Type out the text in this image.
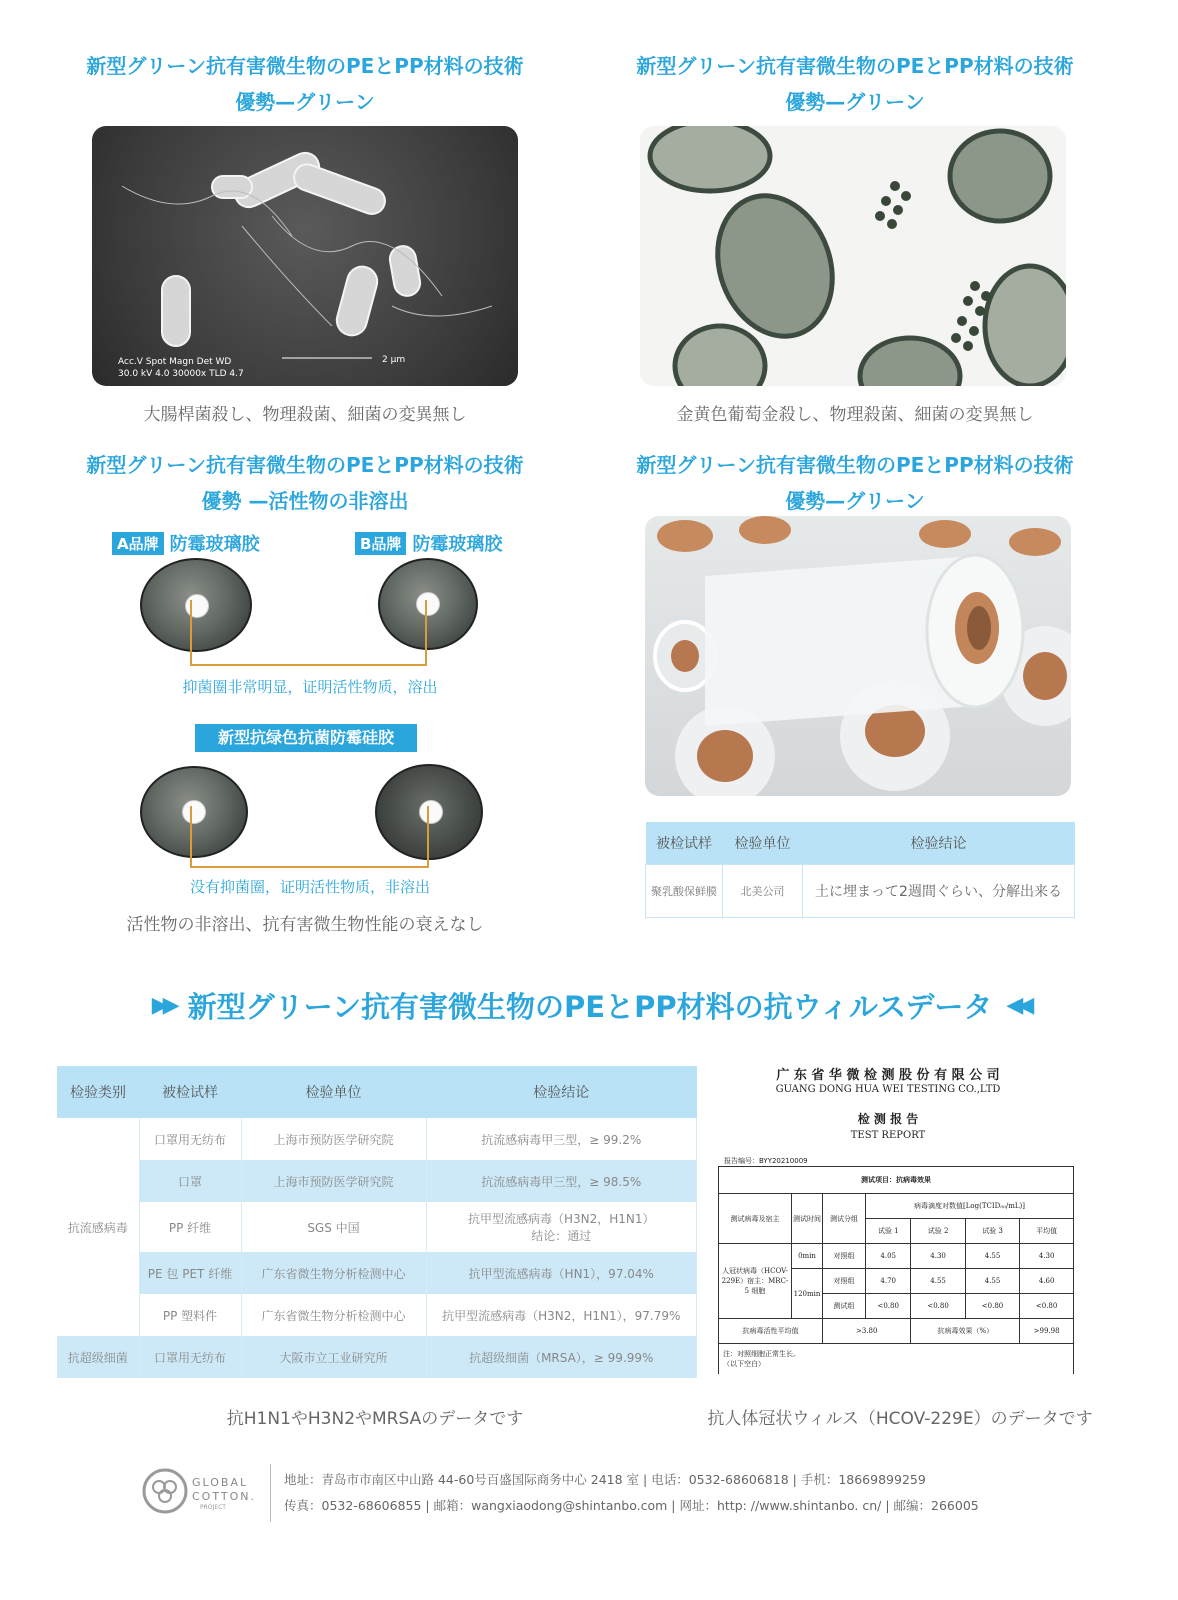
新型グリーン抗有害微生物のPEとPP材料の技術
優勢—グリーン
Acc.V Spot Magn Det WD
30.0 kV 4.0 30000x TLD 4.7
2 μm
大腸桿菌殺し、物理殺菌、細菌の変異無し
新型グリーン抗有害微生物のPEとPP材料の技術
優勢—グリーン
金黄色葡萄金殺し、物理殺菌、細菌の変異無し
新型グリーン抗有害微生物のPEとPP材料の技術
優勢 —活性物の非溶出
A品牌 防霉玻璃胶	B品牌 防霉玻璃胶
抑菌圈非常明显，证明活性物质，溶出
新型抗绿色抗菌防霉硅胶
没有抑菌圈，证明活性物质，非溶出
活性物の非溶出、抗有害微生物性能の衰えなし
新型グリーン抗有害微生物のPEとPP材料の技術
優勢—グリーン
被检试样	检验单位	检验结论
聚乳酸保鲜膜	北美公司	土に埋まって2週間ぐらい、分解出来る
▶▶ 新型グリーン抗有害微生物のPEとPP材料の抗ウィルスデータ ◀◀
检验类别	被检试样	检验单位	检验结论
抗流感病毒	口罩用无纺布	上海市预防医学研究院	抗流感病毒甲三型，≥ 99.2%
	口罩	上海市预防医学研究院	抗流感病毒甲三型，≥ 98.5%
	PP 纤维	SGS 中国	抗甲型流感病毒（H3N2，H1N1）
结论：通过

	PE 包 PET 纤维	广东省微生物分析检测中心	抗甲型流感病毒（HN1），97.04%
	PP 塑料件	广东省微生物分析检测中心	抗甲型流感病毒（H3N2，H1N1），97.79%
抗超级细菌	口罩用无纺布	大阪市立工业研究所	抗超级细菌（MRSA），≥ 99.99%
抗H1N1やH3N2やMRSAのデータです
广 东 省 华 微 检 测 股 份 有 限 公 司
GUANG DONG HUA WEI TESTING CO.,LTD
检 测 报 告
TEST REPORT
报告编号：BYY20210009
测试项目：抗病毒效果						
测试病毒及宿主	测试时间	测试分组	病毒滴度对数值[Log(TCID₅₀/mL)]			
			试验 1	试验 2	试验 3	平均值
人冠状病毒（HCOV-229E）宿主：MRC-5 细胞	0min	对照组	4.05	4.30	4.55	4.30
	120min	对照组	4.70	4.55	4.55	4.60
		测试组	<0.80	<0.80	<0.80	<0.80
抗病毒活性平均值		>3.80		抗病毒效果（%）		>99.98

注：对照细胞正常生长。
（以下空白）						
抗人体冠状ウィルス（HCOV-229E）のデータです
GLOBAL
COTTON.
PROJECT
地址：青岛市市南区中山路 44-60号百盛国际商务中心 2418 室 | 电话：0532-68606818 | 手机：18669899259
传真：0532-68606855 | 邮箱：wangxiaodong@shintanbo.com | 网址：http: //www.shintanbo. cn/ | 邮编：266005
